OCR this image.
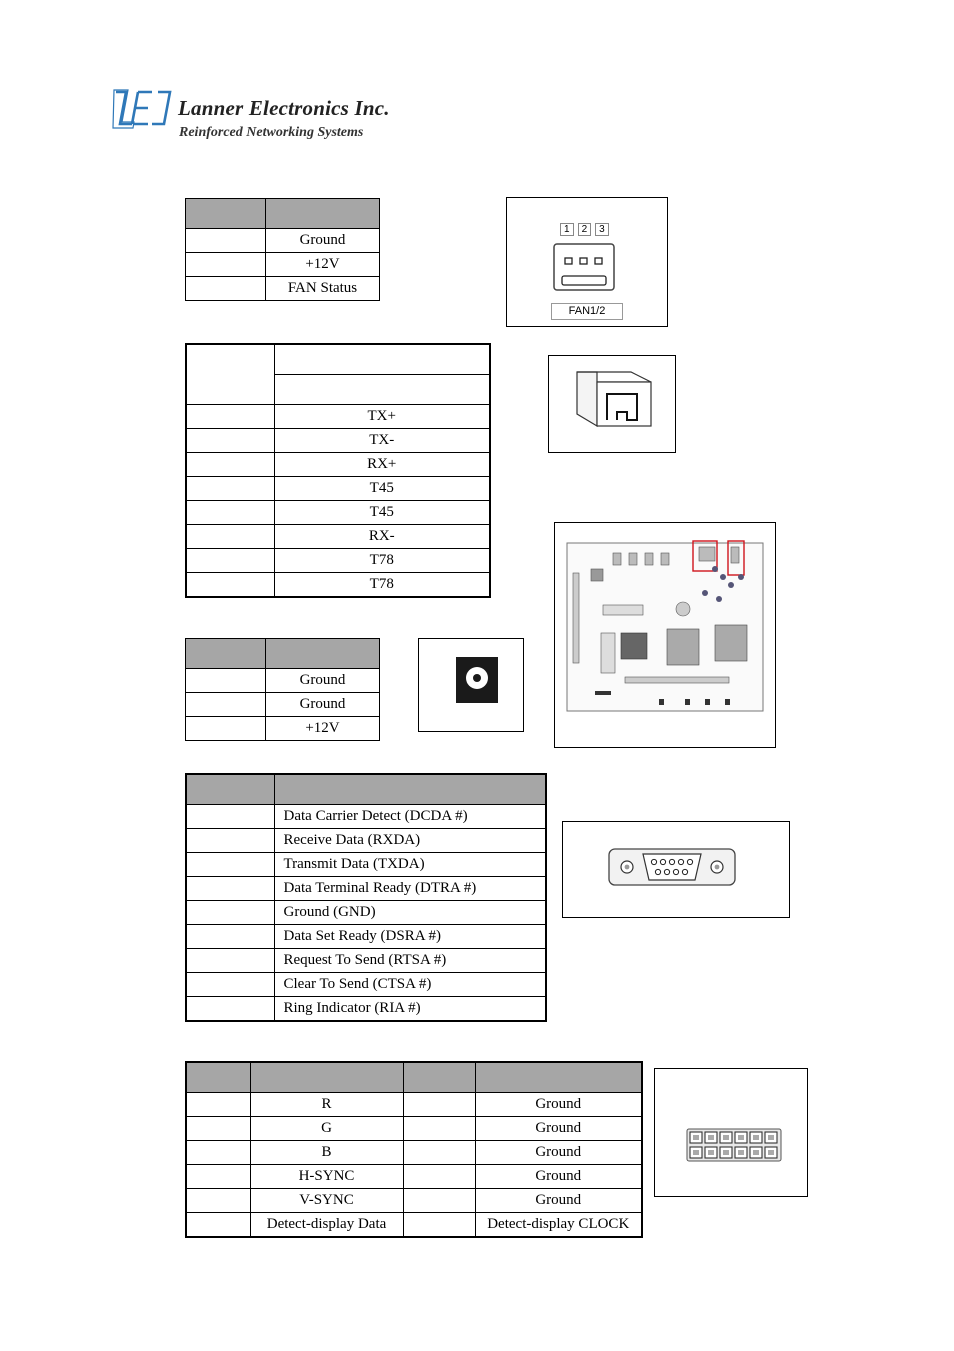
Lanner Electronics Inc.
Reinforced Networking Systems

	Ground
	+12V
	FAN Status
1	2	3
FAN1/2

	TX+
	TX-
	RX+
	T45
	T45
	RX-
	T78
	T78

	Ground
	Ground
	+12V

	Data Carrier Detect (DCDA #)
	Receive Data (RXDA)
	Transmit Data (TXDA)
	Data Terminal Ready (DTRA #)
	Ground (GND)
	Data Set Ready (DSRA #)
	Request To Send (RTSA #)
	Clear To Send (CTSA #)
	Ring Indicator (RIA #)

	R		Ground
	G		Ground
	B		Ground
	H-SYNC		Ground
	V-SYNC		Ground
	Detect-display Data		Detect-display CLOCK
